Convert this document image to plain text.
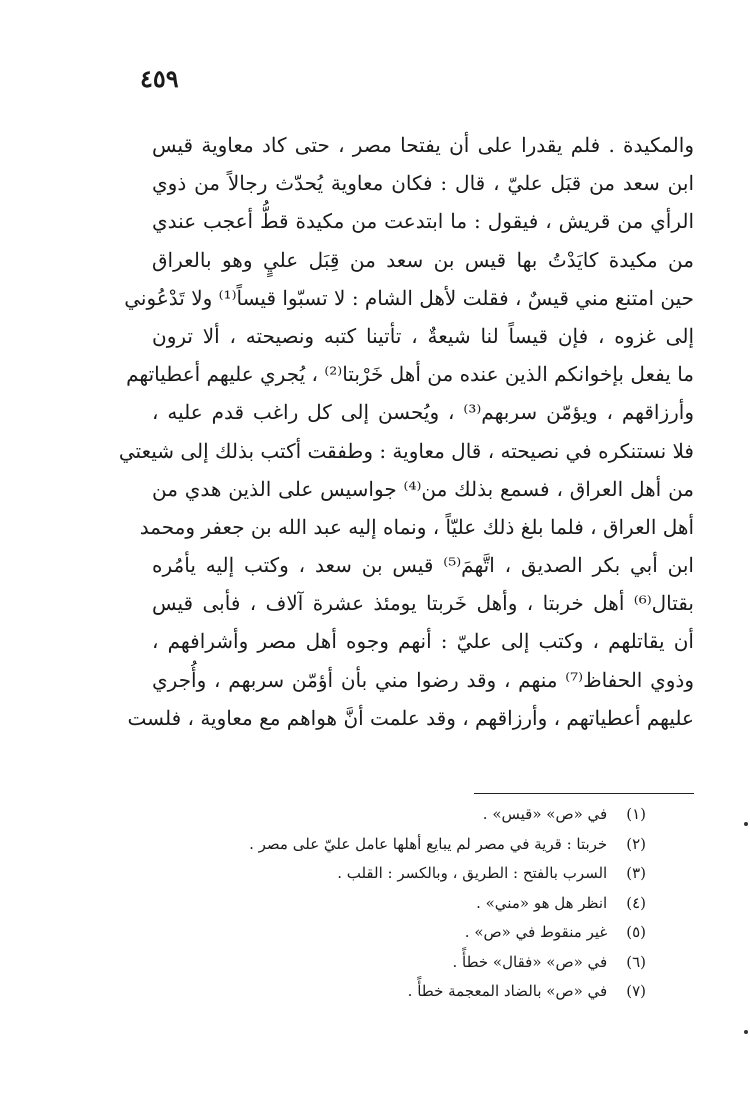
٤٥٩
والمكيدة . فلم يقدرا على أن يفتحا مصر ، حتى كاد معاوية قيس
ابن سعد من قبَل عليّ ، قال : فكان معاوية يُحدّث رجالاً من ذوي
الرأي من قريش ، فيقول : ما ابتدعت من مكيدة قطُّ أعجب عندي
من مكيدة كايَدْتُ بها قيس بن سعد من قِبَل عليٍ وهو بالعراق
حين امتنع مني قيسٌ ، فقلت لأهل الشام : لا تسبّوا قيساً⁽¹⁾ ولا تَدْعُوني
إلى غزوه ، فإن قيساً لنا شيعةٌ ، تأتينا كتبه ونصيحته ، ألا ترون
ما يفعل بإخوانكم الذين عنده من أهل خَرْبتا⁽²⁾ ، يُجري عليهم أعطياتهم
وأرزاقهم ، ويؤمّن سربهم⁽³⁾ ، ويُحسن إلى كل راغب قدم عليه ،
فلا نستنكره في نصيحته ، قال معاوية : وطفقت أكتب بذلك إلى شيعتي
من أهل العراق ، فسمع بذلك من⁽⁴⁾ جواسيس على الذين هدي من
أهل العراق ، فلما بلغ ذلك عليّاً ، ونماه إليه عبد الله بن جعفر ومحمد
ابن أبي بكر الصديق ، اتَّهمَ⁽⁵⁾ قيس بن سعد ، وكتب إليه يأمُره
بقتال⁽⁶⁾ أهل خربتا ، وأهل خَربتا يومئذ عشرة آلاف ، فأبى قيس
أن يقاتلهم ، وكتب إلى عليّ : أنهم وجوه أهل مصر وأشرافهم ،
وذوي الحفاظ⁽⁷⁾ منهم ، وقد رضوا مني بأن أؤمّن سربهم ، وأُجري
عليهم أعطياتهم ، وأرزاقهم ، وقد علمت أنَّ هواهم مع معاوية ، فلست
(١) في «ص» «قيس» .
(٢) خربتا : قرية في مصر لم يبايع أهلها عامل عليّ على مصر .
(٣) السرب بالفتح : الطريق ، وبالكسر : القلب .
(٤) انظر هل هو «مني» .
(٥) غير منقوط في «ص» .
(٦) في «ص» «فقال» خطأً .
(٧) في «ص» بالضاد المعجمة خطأً .
